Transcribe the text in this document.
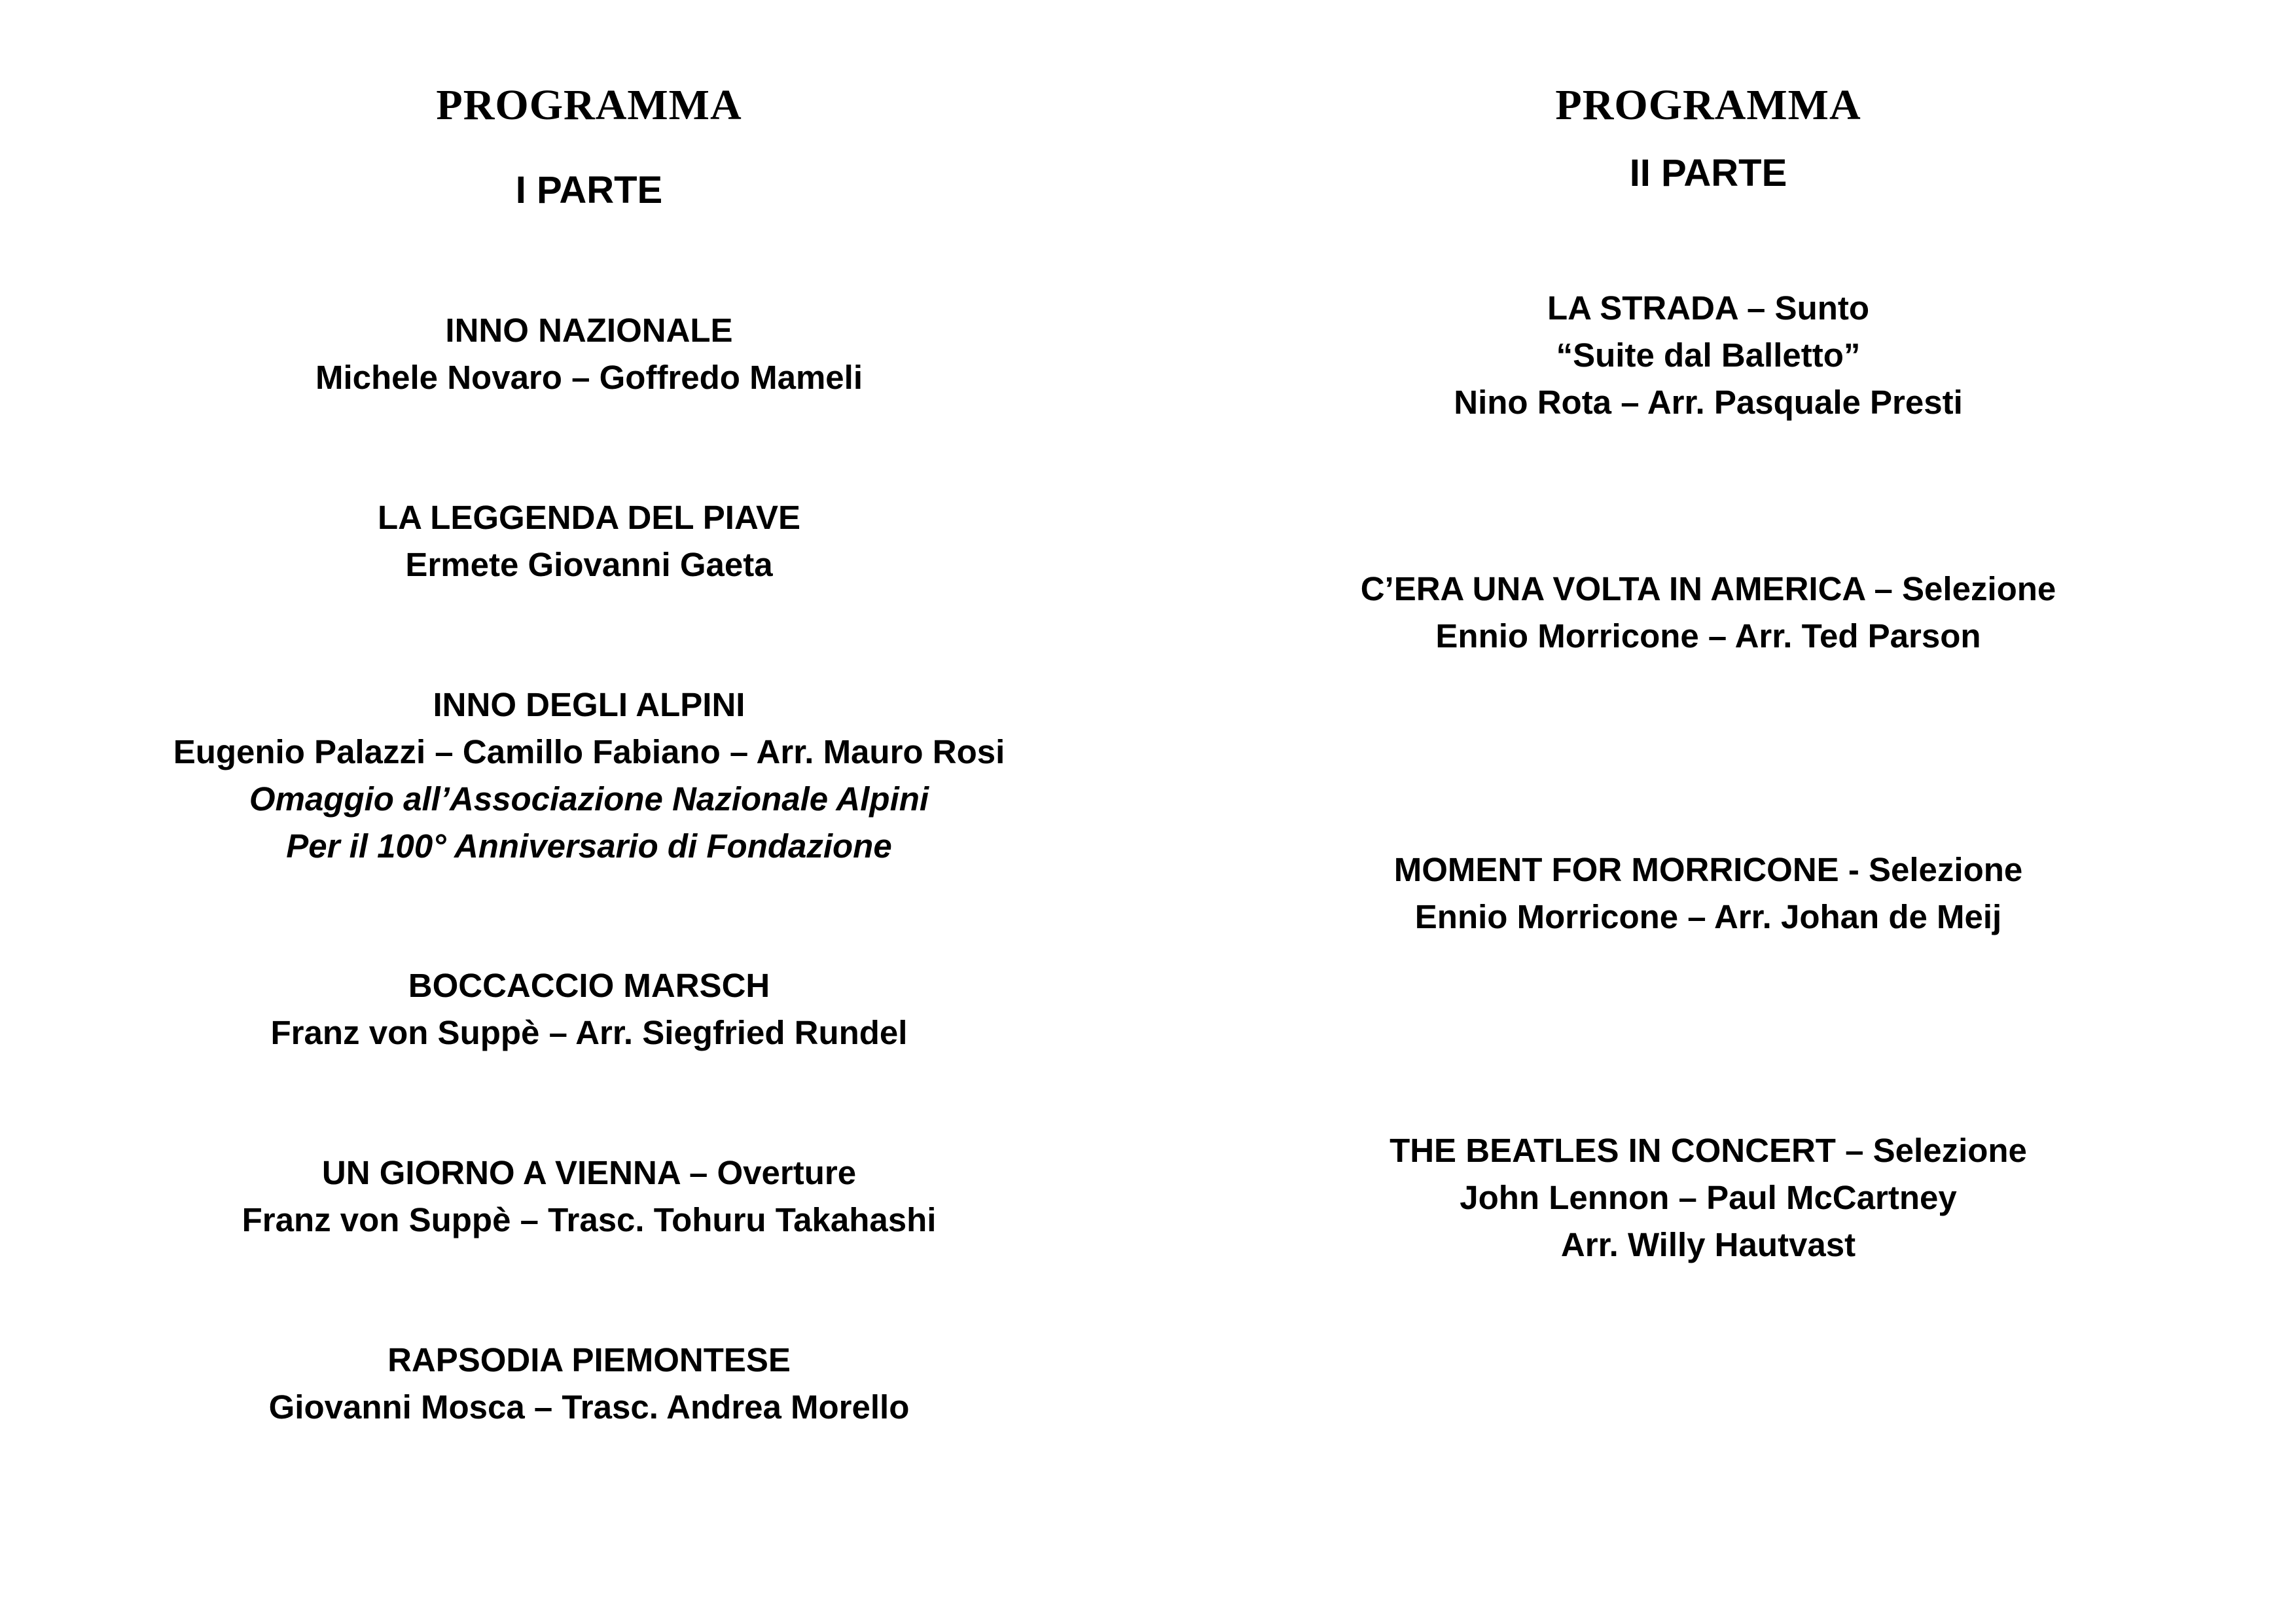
PROGRAMMA
I PARTE
INNO NAZIONALE
Michele Novaro – Goffredo Mameli
LA LEGGENDA DEL PIAVE
Ermete Giovanni Gaeta
INNO DEGLI ALPINI
Eugenio Palazzi – Camillo Fabiano – Arr. Mauro Rosi
Omaggio all’Associazione Nazionale Alpini
Per il 100° Anniversario di Fondazione
BOCCACCIO MARSCH
Franz von Suppè – Arr. Siegfried Rundel
UN GIORNO A VIENNA – Overture
Franz von Suppè – Trasc. Tohuru Takahashi
RAPSODIA PIEMONTESE
Giovanni Mosca – Trasc. Andrea Morello
PROGRAMMA
II PARTE
LA STRADA – Sunto
“Suite dal Balletto”
Nino Rota – Arr. Pasquale Presti
C’ERA UNA VOLTA IN AMERICA – Selezione
Ennio Morricone – Arr. Ted Parson
MOMENT FOR MORRICONE - Selezione
Ennio Morricone – Arr. Johan de Meij
THE BEATLES IN CONCERT – Selezione
John Lennon – Paul McCartney
Arr. Willy Hautvast
